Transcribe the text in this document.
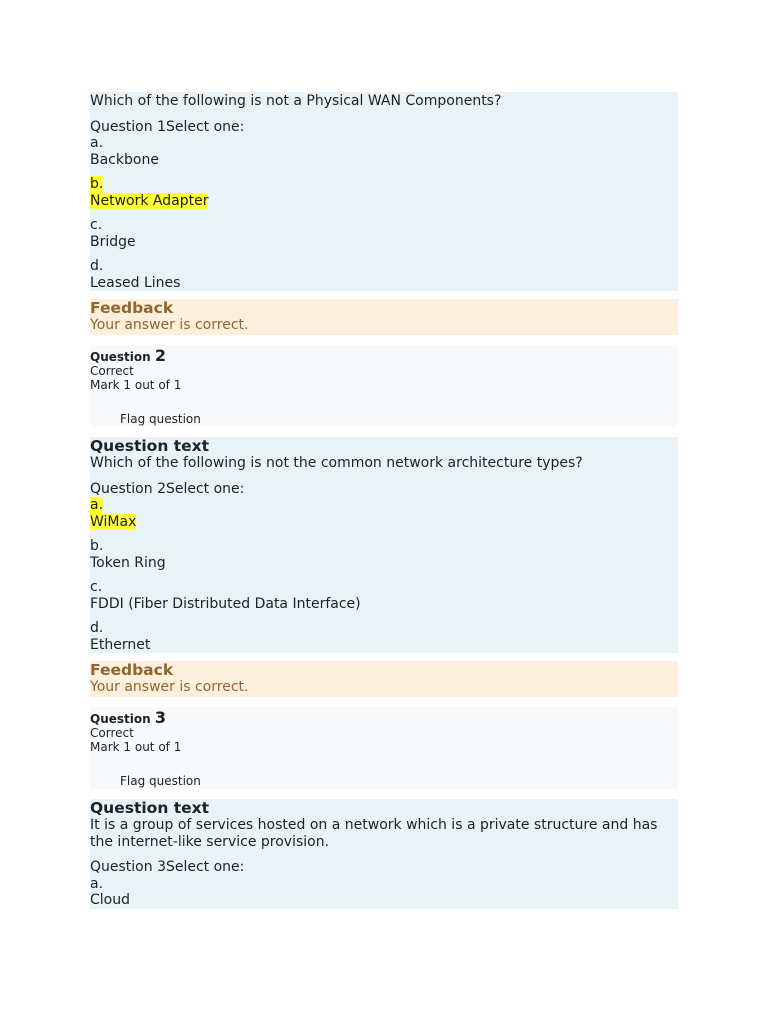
Which of the following is not a Physical WAN Components?

Question 1Select one:

a.
Backbone
b.
Network Adapter
c.
Bridge
d.
Leased Lines

Feedback

Your answer is correct.
Question 2
Correct
Mark 1 out of 1
Flag question

Question text

Which of the following is not the common network architecture types?

Question 2Select one:

a.
WiMax
b.
Token Ring
c.
FDDI (Fiber Distributed Data Interface)
d.
Ethernet

Feedback

Your answer is correct.
Question 3
Correct
Mark 1 out of 1
Flag question

Question text

It is a group of services hosted on a network which is a private structure and has the internet-like service provision.

Question 3Select one:

a.
Cloud
